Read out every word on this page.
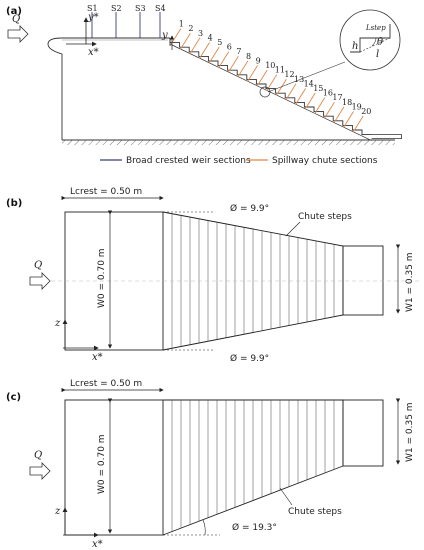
(a)
Q	y*
x*
S1 S2 S3 S4
1
2
3
4
5
6
7
8
9
10
11
12
13
14
15
16
17
18
19
20
y
h
l
Lstep
θ
Broad crested weir sections Spillway chute sections
(b)
Lcrest = 0.50 m
W0 = 0.70 m	W1 = 0.35 m
Ø = 9.9°
Ø = 9.9°
Chute steps
Q
z
x*
(c)
Lcrest = 0.50 m
W0 = 0.70 m
W1 = 0.35 m
Ø = 19.3°
Chute steps
Q
z
x*
